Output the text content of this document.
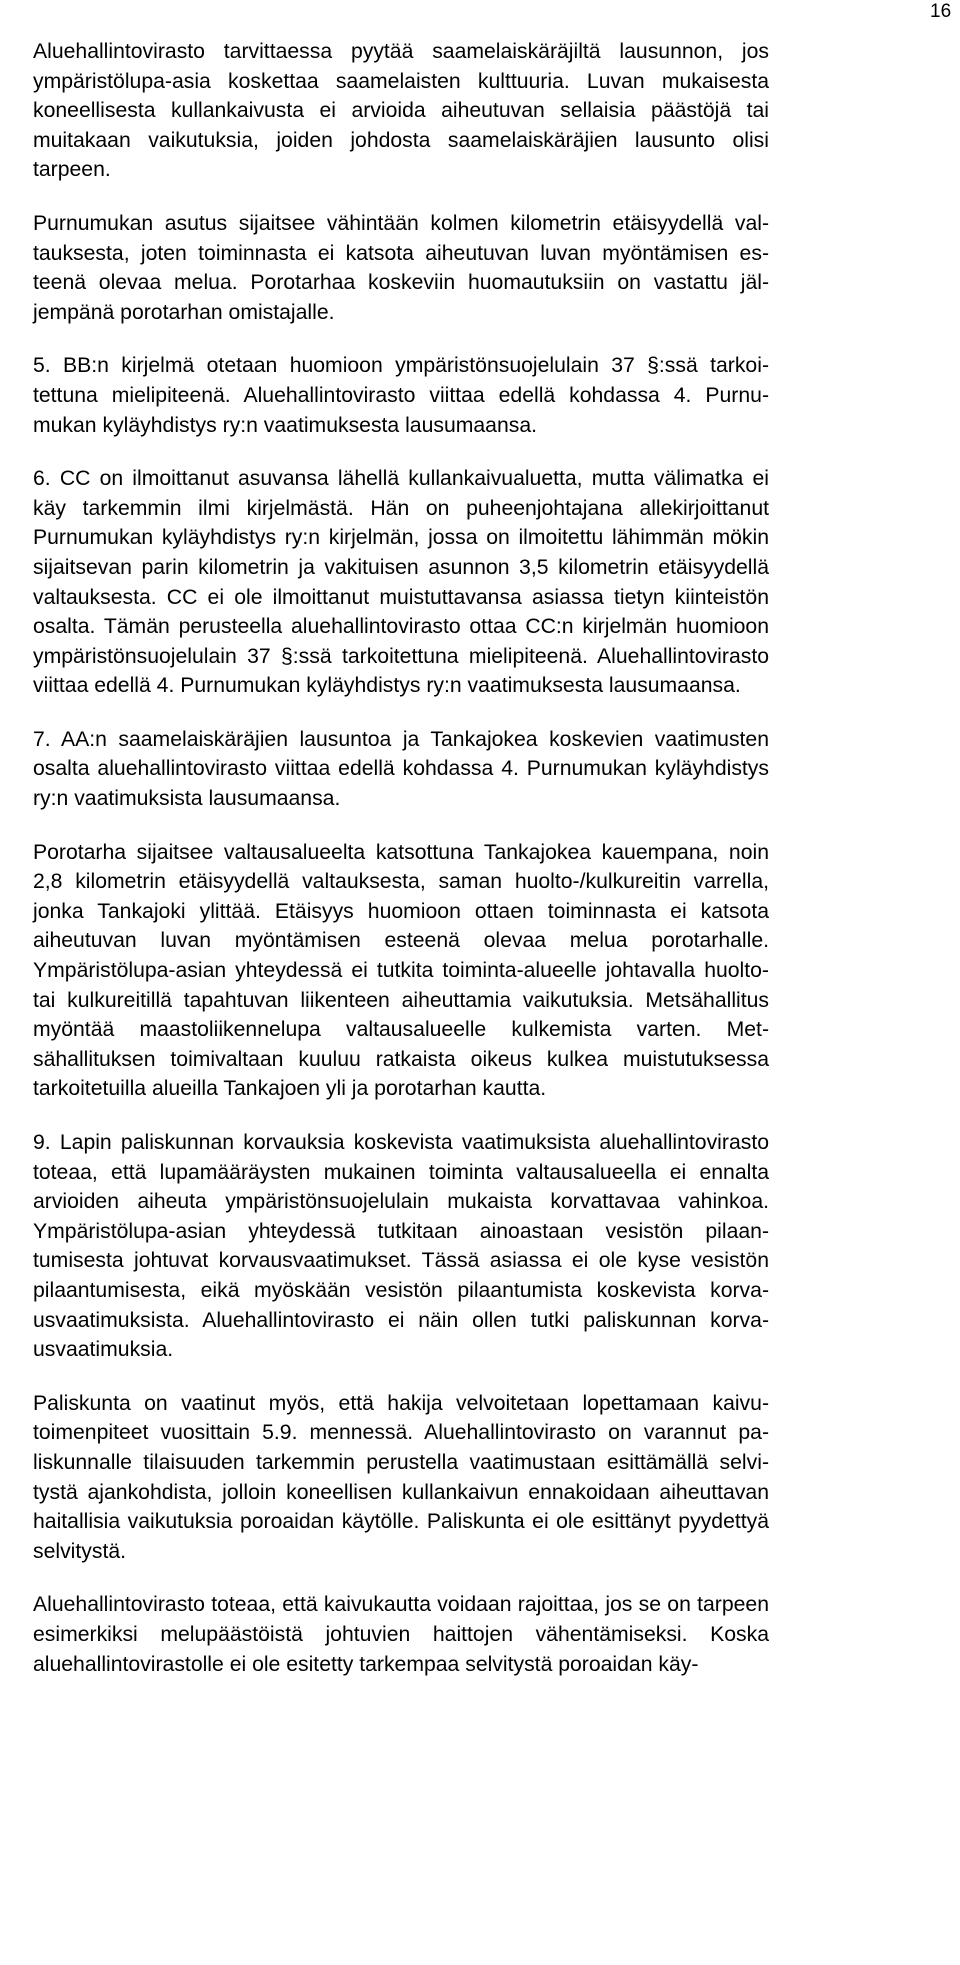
16

Aluehallintovirasto tarvittaessa pyytää saamelaiskäräjiltä lausunnon, jos ympäristölupa-asia koskettaa saamelaisten kulttuuria. Luvan mukaisesta koneellisesta kullankaivusta ei arvioida aiheutuvan sellaisia päästöjä tai muitakaan vaikutuksia, joiden johdosta saamelaiskäräjien lausunto olisi tarpeen.

Purnumukan asutus sijaitsee vähintään kolmen kilometrin etäisyydellä valtauksesta, joten toiminnasta ei katsota aiheutuvan luvan myöntämisen esteenä olevaa melua. Porotarhaa koskeviin huomautuksiin on vastattu jäljempänä porotarhan omistajalle.

5. BB:n kirjelmä otetaan huomioon ympäristönsuojelulain 37 §:ssä tarkoitettuna mielipiteenä. Aluehallintovirasto viittaa edellä kohdassa 4. Purnumukan kyläyhdistys ry:n vaatimuksesta lausumaansa.

6. CC on ilmoittanut asuvansa lähellä kullankaivualuetta, mutta välimatka ei käy tarkemmin ilmi kirjelmästä. Hän on puheenjohtajana allekirjoittanut Purnumukan kyläyhdistys ry:n kirjelmän, jossa on ilmoitettu lähimmän mökin sijaitsevan parin kilometrin ja vakituisen asunnon 3,5 kilometrin etäisyydellä valtauksesta. CC ei ole ilmoittanut muistuttavansa asiassa tietyn kiinteistön osalta. Tämän perusteella aluehallintovirasto ottaa CC:n kirjelmän huomioon ympäristönsuojelulain 37 §:ssä tarkoitettuna mielipiteenä. Aluehallintovirasto viittaa edellä 4. Purnumukan kyläyhdistys ry:n vaatimuksesta lausumaansa.

7. AA:n saamelaiskäräjien lausuntoa ja Tankajokea koskevien vaatimusten osalta aluehallintovirasto viittaa edellä kohdassa 4. Purnumukan kyläyhdistys ry:n vaatimuksista lausumaansa.

Porotarha sijaitsee valtausalueelta katsottuna Tankajokea kauempana, noin 2,8 kilometrin etäisyydellä valtauksesta, saman huolto-/kulkureitin varrella, jonka Tankajoki ylittää. Etäisyys huomioon ottaen toiminnasta ei katsota aiheutuvan luvan myöntämisen esteenä olevaa melua porotarhalle. Ympäristölupa-asian yhteydessä ei tutkita toiminta-alueelle johtavalla huolto- tai kulkureitillä tapahtuvan liikenteen aiheuttamia vaikutuksia. Metsähallitus myöntää maastoliikennelupa valtausalueelle kulkemista varten. Metsähallituksen toimivaltaan kuuluu ratkaista oikeus kulkea muistutuksessa tarkoitetuilla alueilla Tankajoen yli ja porotarhan kautta.

9. Lapin paliskunnan korvauksia koskevista vaatimuksista aluehallintovirasto toteaa, että lupamääräysten mukainen toiminta valtausalueella ei ennalta arvioiden aiheuta ympäristönsuojelulain mukaista korvattavaa vahinkoa. Ympäristölupa-asian yhteydessä tutkitaan ainoastaan vesistön pilaantumisesta johtuvat korvausvaatimukset. Tässä asiassa ei ole kyse vesistön pilaantumisesta, eikä myöskään vesistön pilaantumista koskevista korvausvaatimuksista. Aluehallintovirasto ei näin ollen tutki paliskunnan korvausvaatimuksia.

Paliskunta on vaatinut myös, että hakija velvoitetaan lopettamaan kaivutoimenpiteet vuosittain 5.9. mennessä. Aluehallintovirasto on varannut paliskunnalle tilaisuuden tarkemmin perustella vaatimustaan esittämällä selvitystä ajankohdista, jolloin koneellisen kullankaivun ennakoidaan aiheuttavan haitallisia vaikutuksia poroaidan käytölle. Paliskunta ei ole esittänyt pyydettyä selvitystä.

Aluehallintovirasto toteaa, että kaivukautta voidaan rajoittaa, jos se on tarpeen esimerkiksi melupäästöistä johtuvien haittojen vähentämiseksi. Koska aluehallintovirastolle ei ole esitetty tarkempaa selvitystä poroaidan käy-
